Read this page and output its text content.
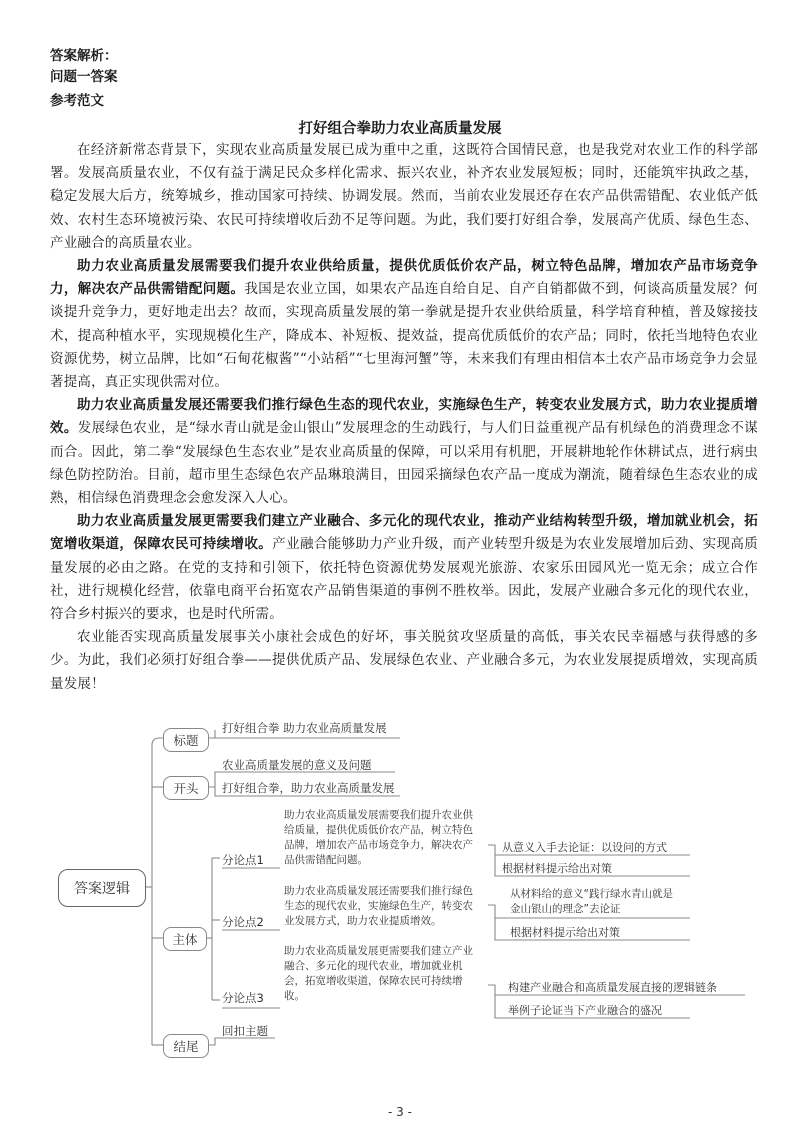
答案解析：
问题一答案
参考范文
打好组合拳助力农业高质量发展

在经济新常态背景下，实现农业高质量发展已成为重中之重，这既符合国情民意，也是我党对农业工作的科学部署。发展高质量农业，不仅有益于满足民众多样化需求、振兴农业，补齐农业发展短板；同时，还能筑牢执政之基，稳定发展大后方，统筹城乡，推动国家可持续、协调发展。然而，当前农业发展还存在农产品供需错配、农业低产低效、农村生态环境被污染、农民可持续增收后劲不足等问题。为此，我们要打好组合拳，发展高产优质、绿色生态、产业融合的高质量农业。

助力农业高质量发展需要我们提升农业供给质量，提供优质低价农产品，树立特色品牌，增加农产品市场竞争力，解决农产品供需错配问题。我国是农业立国，如果农产品连自给自足、自产自销都做不到，何谈高质量发展？何谈提升竞争力，更好地走出去？故而，实现高质量发展的第一拳就是提升农业供给质量，科学培育种植，普及嫁接技术，提高种植水平，实现规模化生产，降成本、补短板、提效益，提高优质低价的农产品；同时，依托当地特色农业资源优势，树立品牌，比如“石甸花椒酱”“小站稻”“七里海河蟹”等，未来我们有理由相信本土农产品市场竞争力会显著提高，真正实现供需对位。

助力农业高质量发展还需要我们推行绿色生态的现代农业，实施绿色生产，转变农业发展方式，助力农业提质增效。发展绿色农业，是“绿水青山就是金山银山”发展理念的生动践行，与人们日益重视产品有机绿色的消费理念不谋而合。因此，第二拳“发展绿色生态农业”是农业高质量的保障，可以采用有机肥，开展耕地轮作休耕试点，进行病虫绿色防控防治。目前，超市里生态绿色农产品琳琅满目，田园采摘绿色农产品一度成为潮流，随着绿色生态农业的成熟，相信绿色消费理念会愈发深入人心。

助力农业高质量发展更需要我们建立产业融合、多元化的现代农业，推动产业结构转型升级，增加就业机会，拓宽增收渠道，保障农民可持续增收。产业融合能够助力产业升级，而产业转型升级是为农业发展增加后劲、实现高质量发展的必由之路。在党的支持和引领下，依托特色资源优势发展观光旅游、农家乐田园风光一览无余；成立合作社，进行规模化经营，依靠电商平台拓宽农产品销售渠道的事例不胜枚举。因此，发展产业融合多元化的现代农业，符合乡村振兴的要求，也是时代所需。

农业能否实现高质量发展事关小康社会成色的好坏，事关脱贫攻坚质量的高低，事关农民幸福感与获得感的多少。为此，我们必须打好组合拳——提供优质产品、发展绿色农业、产业融合多元，为农业发展提质增效，实现高质量发展！

答案逻辑
标题
打好组合拳 助力农业高质量发展
开头
农业高质量发展的意义及问题
打好组合拳，助力农业高质量发展
主体
分论点1
助力农业高质量发展需要我们提升农业供给质量，提供优质低价农产品，树立特色品牌，增加农产品市场竞争力，解决农产品供需错配问题。
从意义入手去论证：以设问的方式
根据材料提示给出对策
分论点2
助力农业高质量发展还需要我们推行绿色生态的现代农业，实施绿色生产，转变农业发展方式，助力农业提质增效。
从材料给的意义“践行绿水青山就是金山银山的理念”去论证
根据材料提示给出对策
分论点3
助力农业高质量发展更需要我们建立产业融合、多元化的现代农业，增加就业机会，拓宽增收渠道，保障农民可持续增收。
构建产业融合和高质量发展直接的逻辑链条
举例子论证当下产业融合的盛况
结尾
回扣主题
- 3 -
